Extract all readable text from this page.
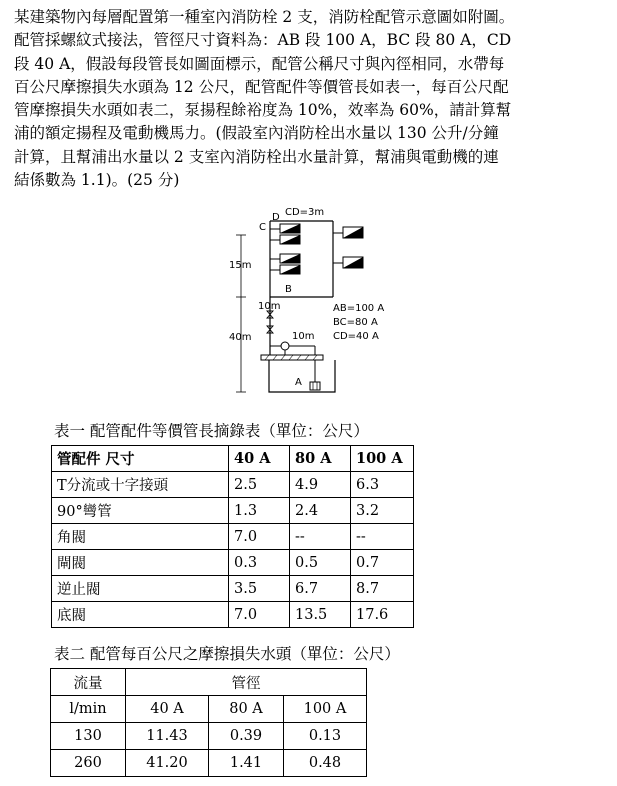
某建築物內每層配置第一種室內消防栓 2 支，消防栓配管示意圖如附圖。
配管採螺紋式接法，管徑尺寸資料為：AB 段 100 A，BC 段 80 A，CD
段 40 A，假設每段管長如圖面標示，配管公稱尺寸與內徑相同，水帶每
百公尺摩擦損失水頭為 12 公尺，配管配件等價管長如表一，每百公尺配
管摩擦損失水頭如表二，泵揚程餘裕度為 10%，效率為 60%，請計算幫
浦的額定揚程及電動機馬力。(假設室內消防栓出水量以 130 公升/分鐘
計算，且幫浦出水量以 2 支室內消防栓出水量計算，幫浦與電動機的連
結係數為 1.1)。(25 分)
CD=3m
D
C
15m
B
10m
40m	10m
A
AB=100 A
BC=80 A
CD=40 A
表一 配管配件等價管長摘錄表（單位：公尺）
管配件 尺寸	40 A	80 A	100 A
T分流或十字接頭	2.5	4.9	6.3
90°彎管	1.3	2.4	3.2
角閥	7.0	--	--
閘閥	0.3	0.5	0.7
逆止閥	3.5	6.7	8.7
底閥	7.0	13.5	17.6
表二 配管每百公尺之摩擦損失水頭（單位：公尺）
流量	管徑		
l/min	40 A	80 A	100 A
130	11.43	0.39	0.13
260	41.20	1.41	0.48
